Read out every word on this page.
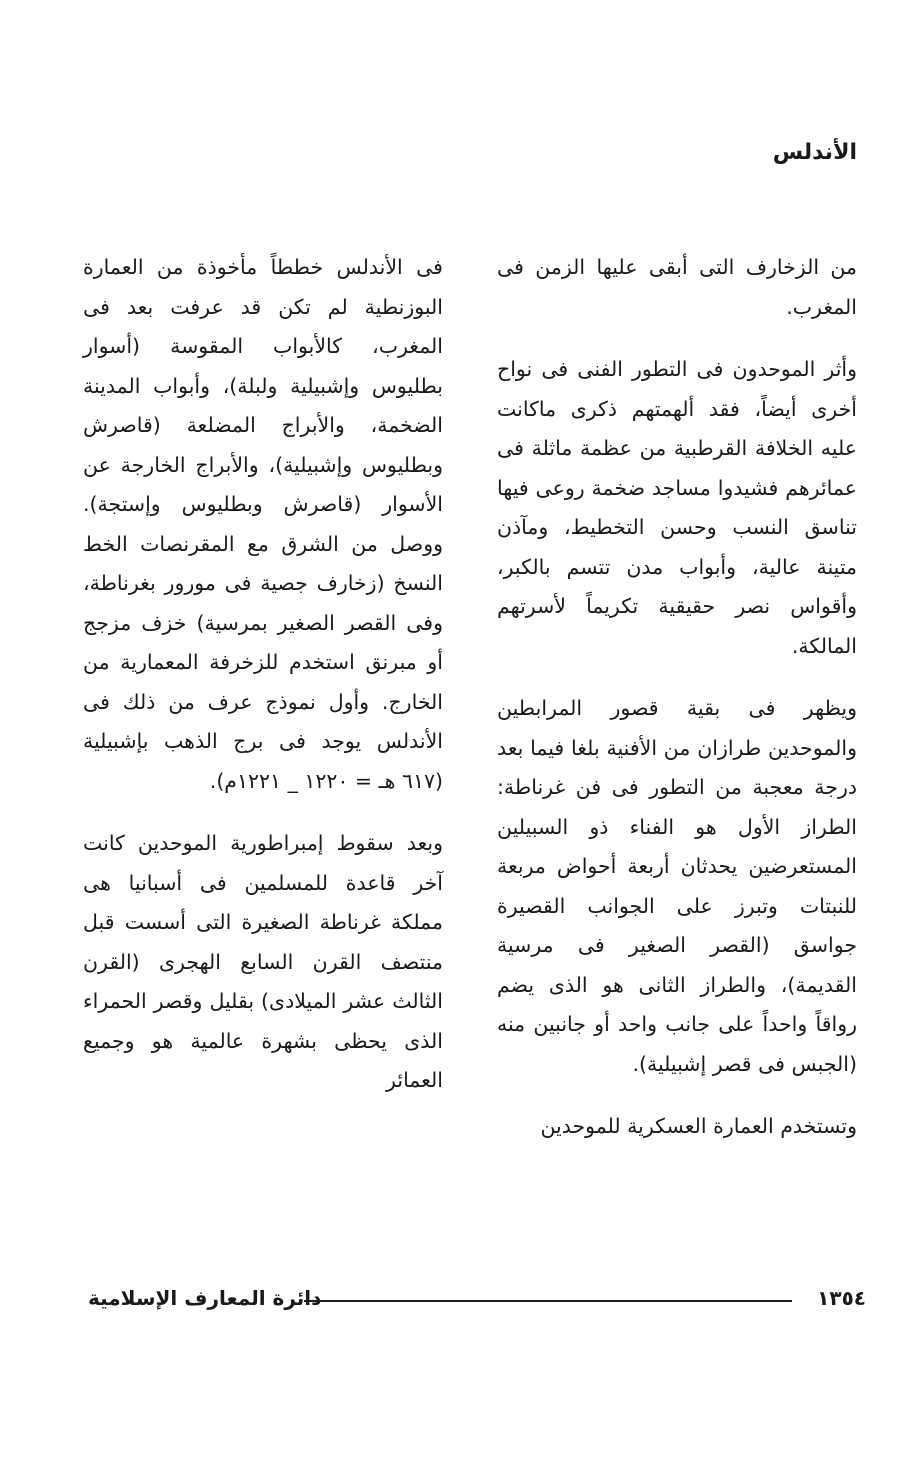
الأندلس

من الزخارف التى أبقى عليها الزمن فى المغرب.

وأثر الموحدون فى التطور الفنى فى نواح أخرى أيضاً، فقد ألهمتهم ذكرى ماكانت عليه الخلافة القرطبية من عظمة ماثلة فى عمائرهم فشيدوا مساجد ضخمة روعى فيها تناسق النسب وحسن التخطيط، ومآذن متينة عالية، وأبواب مدن تتسم بالكبر، وأقواس نصر حقيقية تكريماً لأسرتهم المالكة.

ويظهر فى بقية قصور المرابطين والموحدين طرازان من الأفنية بلغا فيما بعد درجة معجبة من التطور فى فن غرناطة: الطراز الأول هو الفناء ذو السبيلين المستعرضين يحدثان أربعة أحواض مربعة للنبتات وتبرز على الجوانب القصيرة جواسق (القصر الصغير فى مرسية القديمة)، والطراز الثانى هو الذى يضم رواقاً واحداً على جانب واحد أو جانبين منه (الجبس فى قصر إشبيلية).

وتستخدم العمارة العسكرية للموحدين

فى الأندلس خططاً مأخوذة من العمارة البوزنطية لم تكن قد عرفت بعد فى المغرب، كالأبواب المقوسة (أسوار بطليوس وإشبيلية ولبلة)، وأبواب المدينة الضخمة، والأبراج المضلعة (قاصرش وبطليوس وإشبيلية)، والأبراج الخارجة عن الأسوار (قاصرش وبطليوس وإستجة). ووصل من الشرق مع المقرنصات الخط النسخ (زخارف جصية فى مورور بغرناطة، وفى القصر الصغير بمرسية) خزف مزجج أو مبرنق استخدم للزخرفة المعمارية من الخارج. وأول نموذج عرف من ذلك فى الأندلس يوجد فى برج الذهب بإشبيلية (٦١٧ هـ = ١٢٢٠ _ ١٢٢١م).

وبعد سقوط إمبراطورية الموحدين كانت آخر قاعدة للمسلمين فى أسبانيا هى مملكة غرناطة الصغيرة التى أسست قبل منتصف القرن السابع الهجرى (القرن الثالث عشر الميلادى) بقليل وقصر الحمراء الذى يحظى بشهرة عالمية هو وجميع العمائر

دائرة المعارف الإسلامية	١٣٥٤
